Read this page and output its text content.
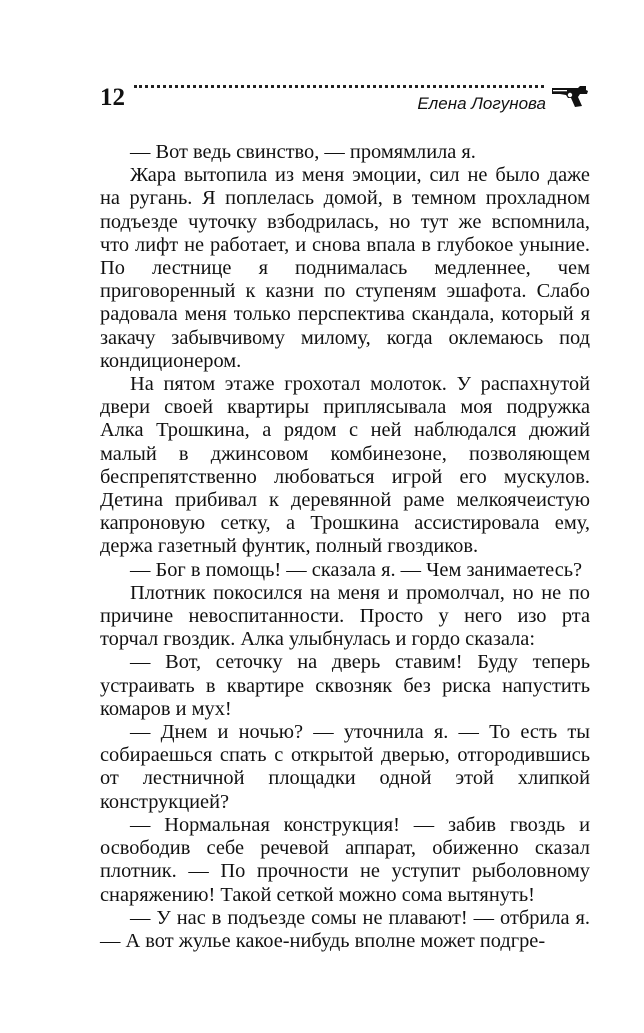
12	Елена Логунова

— Вот ведь свинство, — промямлила я.

Жара вытопила из меня эмоции, сил не было даже на ругань. Я поплелась домой, в темном прохладном подъезде чуточку взбодрилась, но тут же вспомнила, что лифт не работает, и снова впала в глубокое уныние. По лестнице я поднималась медленнее, чем приговоренный к казни по ступеням эшафота. Слабо радовала меня только перспектива скандала, который я закачу забывчивому милому, когда оклемаюсь под кондиционером.

На пятом этаже грохотал молоток. У распахнутой двери своей квартиры приплясывала моя подружка Алка Трошкина, а рядом с ней наблюдался дюжий малый в джинсовом комбинезоне, позволяющем беспрепятственно любоваться игрой его мускулов. Детина прибивал к деревянной раме мелкоячеистую капроновую сетку, а Трошкина ассистировала ему, держа газетный фунтик, полный гвоздиков.

— Бог в помощь! — сказала я. — Чем занимаетесь?

Плотник покосился на меня и промолчал, но не по причине невоспитанности. Просто у него изо рта торчал гвоздик. Алка улыбнулась и гордо сказала:

— Вот, сеточку на дверь ставим! Буду теперь устраивать в квартире сквозняк без риска напустить комаров и мух!

— Днем и ночью? — уточнила я. — То есть ты собираешься спать с открытой дверью, отгородившись от лестничной площадки одной этой хлипкой конструкцией?

— Нормальная конструкция! — забив гвоздь и освободив себе речевой аппарат, обиженно сказал плотник. — По прочности не уступит рыболовному снаряжению! Такой сеткой можно сома вытянуть!

— У нас в подъезде сомы не плавают! — отбрила я. — А вот жулье какое-нибудь вполне может подгре-
